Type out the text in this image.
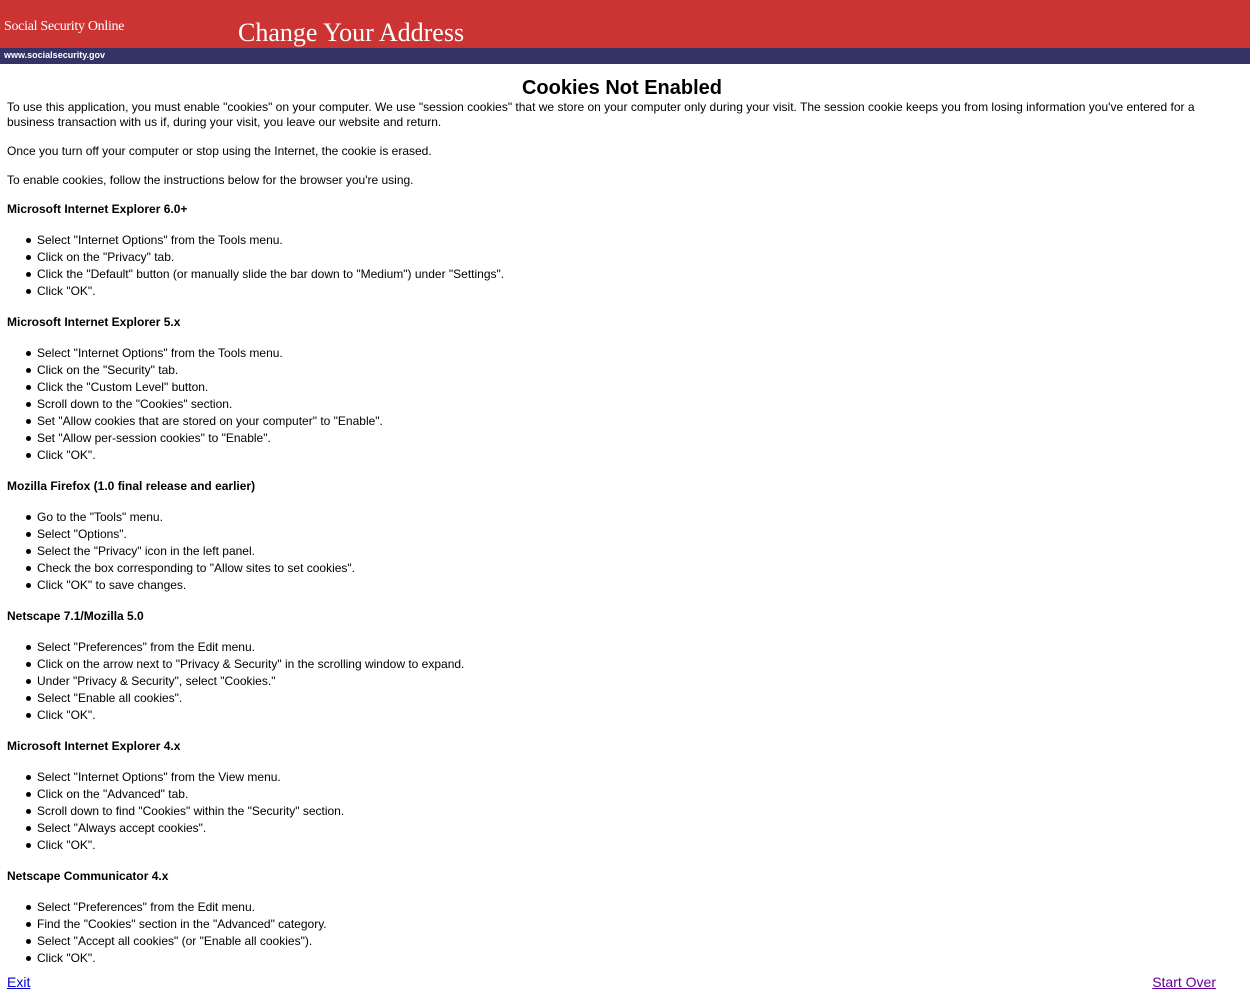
Social Security Online	Change Your Address
www.socialsecurity.gov
Cookies Not Enabled

To use this application, you must enable "cookies" on your computer. We use "session cookies" that we store on your computer only during your visit. The session cookie keeps you from losing information you've entered for a business transaction with us if, during your visit, you leave our website and return.

Once you turn off your computer or stop using the Internet, the cookie is erased.

To enable cookies, follow the instructions below for the browser you're using.

Microsoft Internet Explorer 6.0+
Select "Internet Options" from the Tools menu.
Click on the "Privacy" tab.
Click the "Default" button (or manually slide the bar down to "Medium") under "Settings".
Click "OK".
Microsoft Internet Explorer 5.x
Select "Internet Options" from the Tools menu.
Click on the "Security" tab.
Click the "Custom Level" button.
Scroll down to the "Cookies" section.
Set "Allow cookies that are stored on your computer" to "Enable".
Set "Allow per-session cookies" to "Enable".
Click "OK".
Mozilla Firefox (1.0 final release and earlier)
Go to the "Tools" menu.
Select "Options".
Select the "Privacy" icon in the left panel.
Check the box corresponding to "Allow sites to set cookies".
Click "OK" to save changes.
Netscape 7.1/Mozilla 5.0
Select "Preferences" from the Edit menu.
Click on the arrow next to "Privacy & Security" in the scrolling window to expand.
Under "Privacy & Security", select "Cookies."
Select "Enable all cookies".
Click "OK".
Microsoft Internet Explorer 4.x
Select "Internet Options" from the View menu.
Click on the "Advanced" tab.
Scroll down to find "Cookies" within the "Security" section.
Select "Always accept cookies".
Click "OK".
Netscape Communicator 4.x
Select "Preferences" from the Edit menu.
Find the "Cookies" section in the "Advanced" category.
Select "Accept all cookies" (or "Enable all cookies").
Click "OK".
Exit	Start Over
